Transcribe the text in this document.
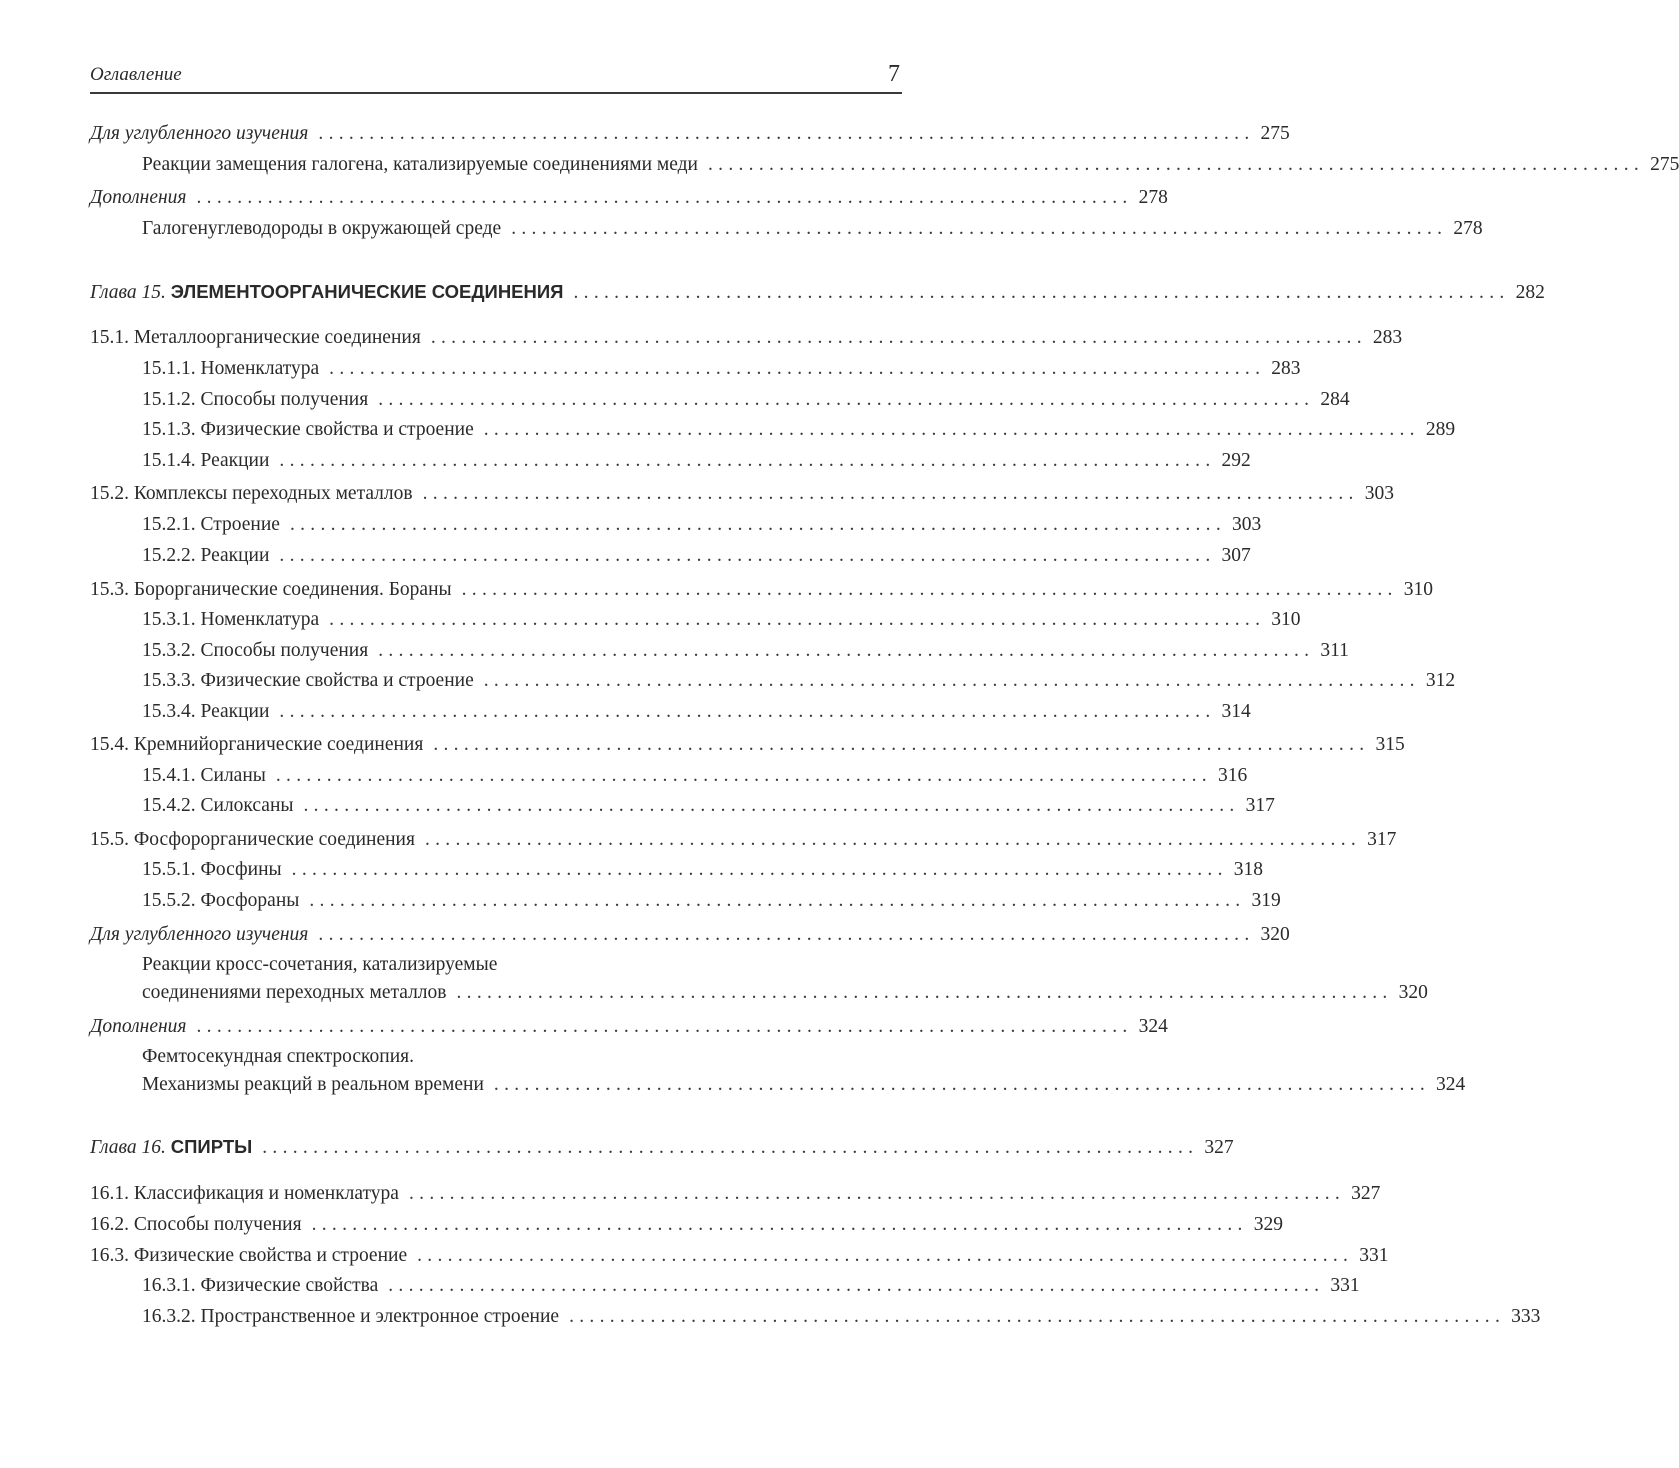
Оглавление	7
Для углубленного изучения ............................................................................................ 275
Реакции замещения галогена, катализируемые соединениями меди ............................................................................................ 275
Дополнения ............................................................................................ 278
Галогенуглеводороды в окружающей среде ............................................................................................ 278
Глава 15. ЭЛЕМЕНТООРГАНИЧЕСКИЕ СОЕДИНЕНИЯ ............................................................................................ 282
15.1. Металлоорганические соединения ............................................................................................ 283
15.1.1. Номенклатура ............................................................................................ 283
15.1.2. Способы получения ............................................................................................ 284
15.1.3. Физические свойства и строение ............................................................................................ 289
15.1.4. Реакции ............................................................................................ 292
15.2. Комплексы переходных металлов ............................................................................................ 303
15.2.1. Строение ............................................................................................ 303
15.2.2. Реакции ............................................................................................ 307
15.3. Борорганические соединения. Бораны ............................................................................................ 310
15.3.1. Номенклатура ............................................................................................ 310
15.3.2. Способы получения ............................................................................................ 311
15.3.3. Физические свойства и строение ............................................................................................ 312
15.3.4. Реакции ............................................................................................ 314
15.4. Кремнийорганические соединения ............................................................................................ 315
15.4.1. Силаны ............................................................................................ 316
15.4.2. Силоксаны ............................................................................................ 317
15.5. Фосфорорганические соединения ............................................................................................ 317
15.5.1. Фосфины ............................................................................................ 318
15.5.2. Фосфораны ............................................................................................ 319
Для углубленного изучения ............................................................................................ 320
Реакции кросс-сочетания, катализируемые
соединениями переходных металлов ............................................................................................ 320
Дополнения ............................................................................................ 324
Фемтосекундная спектроскопия.
Механизмы реакций в реальном времени ............................................................................................ 324
Глава 16. СПИРТЫ ............................................................................................ 327
16.1. Классификация и номенклатура ............................................................................................ 327
16.2. Способы получения ............................................................................................ 329
16.3. Физические свойства и строение ............................................................................................ 331
16.3.1. Физические свойства ............................................................................................ 331
16.3.2. Пространственное и электронное строение ............................................................................................ 333
